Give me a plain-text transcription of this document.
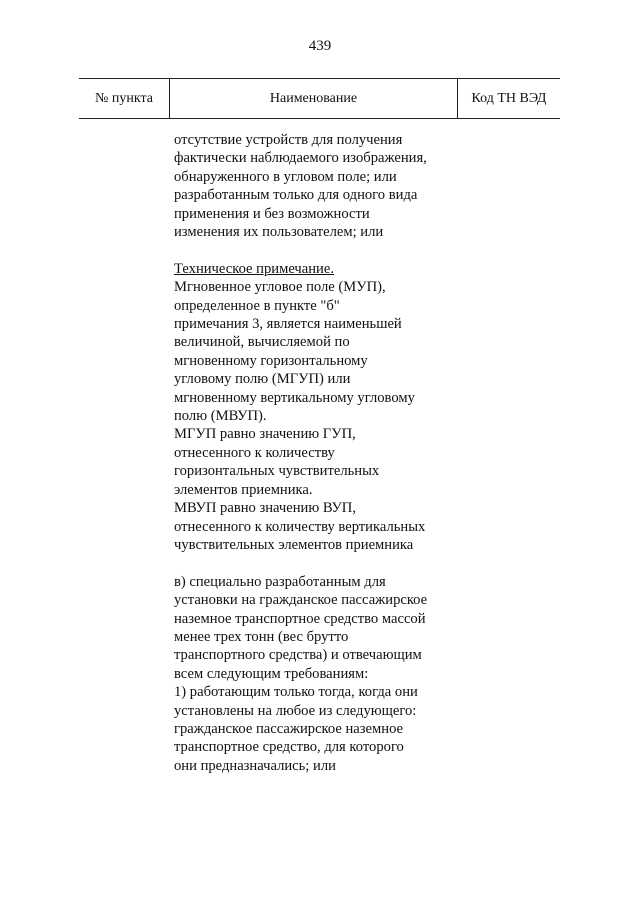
439
№ пункта	Наименование	Код ТН ВЭД
отсутствие устройств для получения
фактически наблюдаемого изображения,
обнаруженного в угловом поле; или
разработанным только для одного вида
применения и без возможности
изменения их пользователем; или
Техническое примечание.
Мгновенное угловое поле (МУП),
определенное в пункте "б"
примечания 3, является наименьшей
величиной, вычисляемой по
мгновенному горизонтальному
угловому полю (МГУП) или
мгновенному вертикальному угловому
полю (МВУП).
МГУП равно значению ГУП,
отнесенного к количеству
горизонтальных чувствительных
элементов приемника.
МВУП равно значению ВУП,
отнесенного к количеству вертикальных
чувствительных элементов приемника
в) специально разработанным для
установки на гражданское пассажирское
наземное транспортное средство массой
менее трех тонн (вес брутто
транспортного средства) и отвечающим
всем следующим требованиям:
1) работающим только тогда, когда они
установлены на любое из следующего:
гражданское пассажирское наземное
транспортное средство, для которого
они предназначались; или
